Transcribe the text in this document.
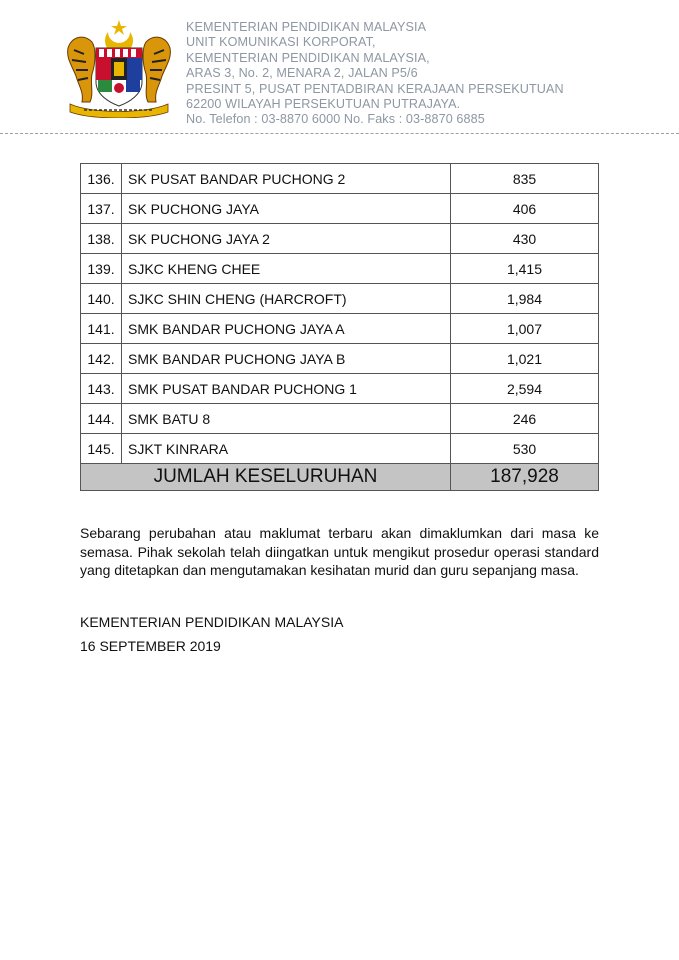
KEMENTERIAN PENDIDIKAN MALAYSIA
UNIT KOMUNIKASI KORPORAT,
KEMENTERIAN PENDIDIKAN MALAYSIA,
ARAS 3, No. 2, MENARA 2, JALAN P5/6
PRESINT 5, PUSAT PENTADBIRAN KERAJAAN PERSEKUTUAN
62200 WILAYAH PERSEKUTUAN PUTRAJAYA.
No. Telefon : 03-8870 6000 No. Faks : 03-8870 6885
136.	SK PUSAT BANDAR PUCHONG 2	835
137.	SK PUCHONG JAYA	406
138.	SK PUCHONG JAYA 2	430
139.	SJKC KHENG CHEE	1,415
140.	SJKC SHIN CHENG (HARCROFT)	1,984
141.	SMK BANDAR PUCHONG JAYA A	1,007
142.	SMK BANDAR PUCHONG JAYA B	1,021
143.	SMK PUSAT BANDAR PUCHONG 1	2,594
144.	SMK BATU 8	246
145.	SJKT KINRARA	530
JUMLAH KESELURUHAN		187,928
Sebarang perubahan atau maklumat terbaru akan dimaklumkan dari masa ke semasa. Pihak sekolah telah diingatkan untuk mengikut prosedur operasi standard yang ditetapkan dan mengutamakan kesihatan murid dan guru sepanjang masa.
KEMENTERIAN PENDIDIKAN MALAYSIA
16 SEPTEMBER 2019
